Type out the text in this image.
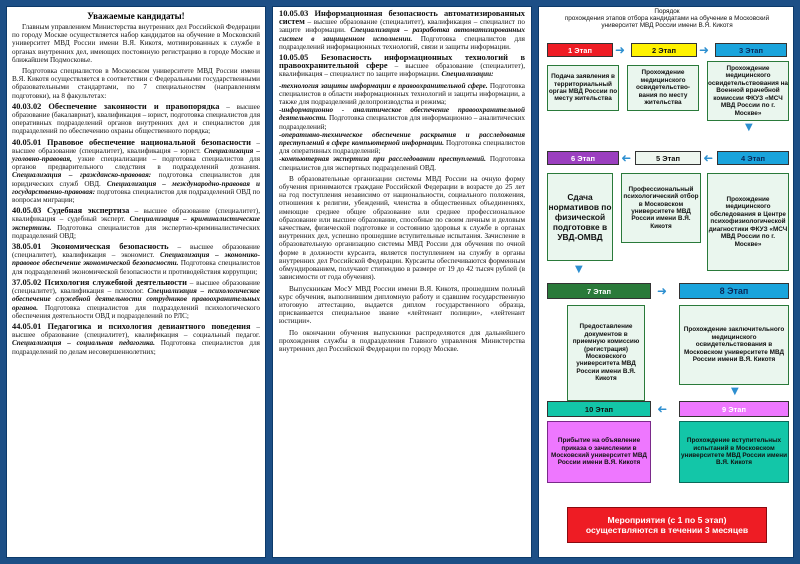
Уважаемые кандидаты!

Главным управлением Министерства внутренних дел Российской Федерации по городу Москве осуществляется набор кандидатов на обучение в Московский университет МВД России имени В.Я. Кикотя, мотивированных к службе в органах внутренних дел, имеющих постоянную регистрацию в городе Москве и ближайшем Подмосковье.

Подготовка специалистов в Московском университете МВД России имени В.Я. Кикотя осуществляется в соответствии с Федеральными государственными образовательными стандартами, по 7 специальностям (направлениям подготовки), на 8 факультетах:

40.03.02 Обеспечение законности и правопорядка – высшее образование (бакалавриат), квалификация – юрист, подготовка специалистов для оперативных подразделений органов внутренних дел и специалистов для подразделений по обеспечению охраны общественного порядка;

40.05.01 Правовое обеспечение национальной безопасности – высшее образование (специалитет), квалификация – юрист. Специализация – уголовно-правовая, узкие специализации – подготовка специалистов для органов предварительного следствия в подразделений дознания. Специализация – гражданско-правовая: подготовка специалистов для юридических служб ОВД. Специализация – международно-правовая и государственно-правовая: подготовка специалистов для подразделений ОВД по вопросам миграции;

40.05.03 Судебная экспертиза – высшее образование (специалитет), квалификация – судебный эксперт. Специализация – криминалистические экспертизы. Подготовка специалистов для экспертно-криминалистических подразделений ОВД;

38.05.01 Экономическая безопасность – высшее образование (специалитет), квалификация – экономист. Специализация – экономико-правовое обеспечение экономической безопасности. Подготовка специалистов для подразделений экономической безопасности и противодействия коррупции;

37.05.02 Психология служебной деятельности – высшее образование (специалитет), квалификация – психолог. Специализация – психологическое обеспечение служебной деятельности сотрудников правоохранительных органов. Подготовка специалистов для подразделений психологического обеспечения деятельности ОВД и подразделений по РЛС;

44.05.01 Педагогика и психология девиантного поведения – высшее образование (специалитет), квалификация – социальный педагог. Специализация – социальная педагогика. Подготовка специалистов для подразделений по делам несовершеннолетних;

10.05.03 Информационная безопасность автоматизированных систем – высшее образование (специалитет), квалификация – специалист по защите информации. Специализация – разработка автоматизированных систем в защищенном исполнении. Подготовка специалистов для подразделений информационных технологий, связи и защиты информации.

10.05.05 Безопасность информационных технологий в правоохранительной сфере – высшее образование (специалитет), квалификация – специалист по защите информации. Специализации:

-технология защиты информации в правоохранительной сфере. Подготовка специалистов в области информационных технологий и защиты информации, а также для подразделений делопроизводства и режима;

-информационно - аналитическое обеспечение правоохранительной деятельности. Подготовка специалистов для информационно – аналитических подразделений;

-оперативно-техническое обеспечение раскрытия и расследования преступлений в сфере компьютерной информации. Подготовка специалистов для оперативных подразделений;

-компьютерная экспертиза при расследовании преступлений. Подготовка специалистов для экспертных подразделений ОВД.

В образовательные организации системы МВД России на очную форму обучения принимаются граждане Российской Федерации в возрасте до 25 лет на год поступления независимо от национальности, социального положения, отношения к религии, убеждений, членства в общественных объединениях, имеющие среднее общее образование или среднее профессиональное образование или высшее образование, способные по своим личным и деловым качествам, физической подготовке и состоянию здоровья к службе в органах внутренних дел, успешно прошедшие вступительные испытания. Зачисление в образовательную организацию системы МВД России для обучения по очной форме в должности курсанта, является поступлением на службу в органы внутренних дел Российской Федерации. Курсанты обеспечиваются форменным обмундированием, получают стипендию в размере от 19 до 42 тысяч рублей (в зависимости от года обучения).

Выпускникам МосУ МВД России имени В.Я. Кикотя, прошедшим полный курс обучения, выполнившим дипломную работу и сдавшим государственную итоговую аттестацию, выдается диплом государственного образца, присваивается специальное звание «лейтенант полиции», «лейтенант юстиции».

По окончании обучения выпускники распределяются для дальнейшего прохождения службы в подразделения Главного управления Министерства внутренних дел Российской Федерации по городу Москве.

Порядок
прохождения этапов отбора кандидатами на обучение в Московский университет МВД России имени В.Я. Кикотя
1 Этап	2 Этап	3 Этап
➜	➜
Подача заявления в территориальный орган МВД России по месту жительства
Прохождение медицинского освидетельство-вания по месту жительства
Прохождение медицинского освидетельствования на Военной врачебной комиссии ФКУЗ «МСЧ МВД России по г. Москве»
▼
6 Этап	5 Этап	4 Этап
➜	➜
Сдача нормативов по физической подготовке в УВД-ОМВД
Профессиональный психологический отбор в Московском университете МВД России имени В.Я. Кикотя
Прохождение медицинского обследования в Центре психофизиологической диагностики ФКУЗ «МСЧ МВД России по г. Москве»
▼
7 Этап	8 Этап
➜
Предоставление документов в приемную комиссию (регистрация) Московского университета МВД России имени В.Я. Кикотя
Прохождение заключительного медицинского освидетельствования в Московском университете МВД России имени В.Я. Кикотя
▼
10 Этап	9 Этап
➜
Прибытие на объявление приказа о зачислении в Московский университет МВД России имени В.Я. Кикотя
Прохождение вступительных испытаний в Московском университете МВД России имени В.Я. Кикотя
Мероприятия (с 1 по 5 этап) осуществляются в течении 3 месяцев
